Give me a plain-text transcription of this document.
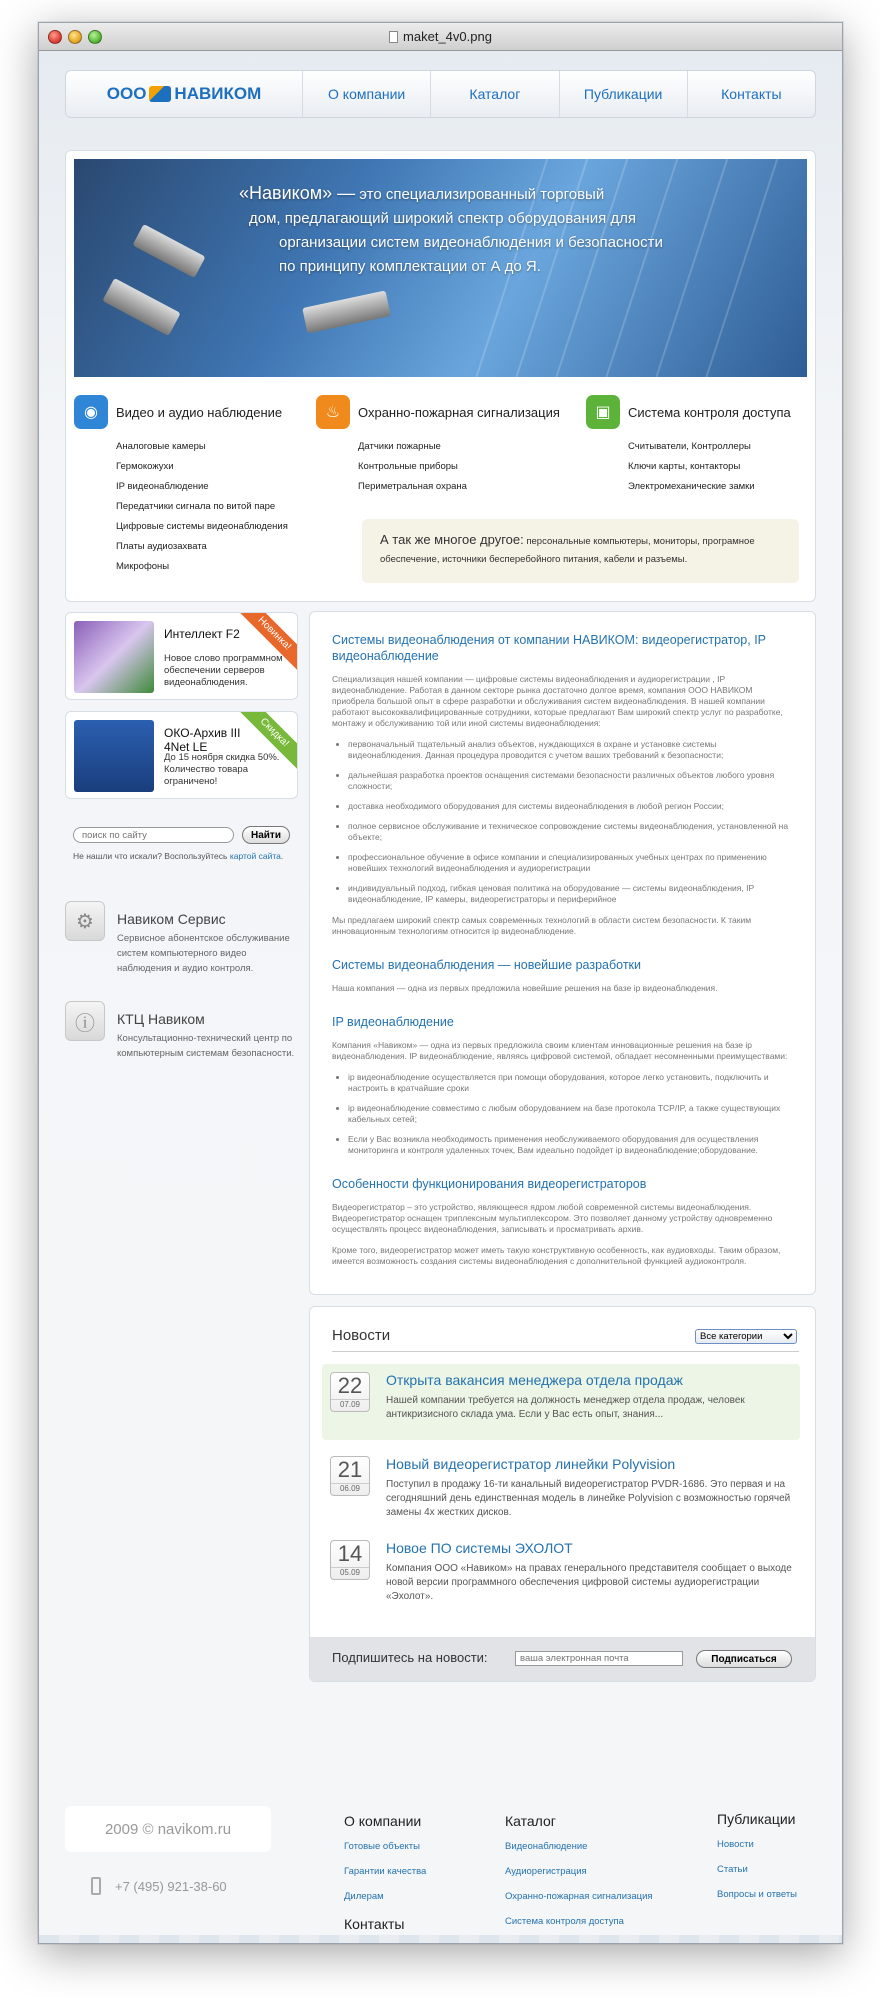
maket_4v0.png
ООО НАВИКОМ	О компании	Каталог	Публикации	Контакты
«Навиком» — это специализированный торговый
дом, предлагающий широкий спектр оборудования для
организации систем видеонаблюдения и безопасности
по принципу комплектации от А до Я.
◉	Видео и аудио наблюдение
Аналоговые камеры
Гермокожухи
IP видеонаблюдение
Передатчики сигнала по витой паре
Цифровые системы видеонаблюдения
Платы аудиозахвата
Микрофоны
♨	Охранно-пожарная сигнализация
Датчики пожарные
Контрольные приборы
Периметральная охрана
▣	Система контроля доступа
Считыватели, Контроллеры
Ключи карты, контакторы
Электромеханические замки
А так же многое другое: персональные компьютеры, мониторы, програмное обеспечение, источники бесперебойного питания, кабели и разъемы.
Интеллект F2
Новое слово программном обеспечении серверов видеонаблюдения.
Новинка!
ОКО-Архив III 4Net LE
До 15 ноября скидка 50%. Количество товара ограничено!
Скидка!
поиск по сайту
Найти
Не нашли что искали? Воспользуйтесь картой сайта.
⚙	Навиком Сервис
Сервисное абонентское обслуживание систем компьютерного видео наблюдения и аудио контроля.
ⓘ	КТЦ Навиком
Консультационно-технический центр по компьютерным системам безопасности.
Системы видеонаблюдения от компании НАВИКОМ: видеорегистратор, IP видеонаблюдение

Специализация нашей компании — цифровые системы видеонаблюдения и аудиорегистрации , IP видеонаблюдение. Работая в данном секторе рынка достаточно долгое время, компания ООО НАВИКОМ приобрела большой опыт в сфере разработки и обслуживания систем видеонаблюдения. В нашей компании работают высококвалифицированные сотрудники, которые предлагают Вам широкий спектр услуг по разработке, монтажу и обслуживанию той или иной системы видеонаблюдения:

• первоначальный тщательный анализ объектов, нуждающихся в охране и установке системы видеонаблюдения. Данная процедура проводится с учетом ваших требований к безопасности;
• дальнейшая разработка проектов оснащения системами безопасности различных объектов любого уровня сложности;
• доставка необходимого оборудования для системы видеонаблюдения в любой регион России;
• полное сервисное обслуживание и техническое сопровождение системы видеонаблюдения, установленной на объекте;
• профессиональное обучение в офисе компании и специализированных учебных центрах по применению новейших технологий видеонаблюдения и аудиорегистрации
• индивидуальный подход, гибкая ценовая политика на оборудование — системы видеонаблюдения, IP видеонаблюдение, IP камеры, видеорегистраторы и периферийное

Мы предлагаем широкий спектр самых современных технологий в области систем безопасности. К таким инновационным технологиям относится ip видеонаблюдение.

Системы видеонаблюдения — новейшие разработки

Наша компания — одна из первых предложила новейшие решения на базе ip видеонаблюдения.

IP видеонаблюдение

Компания «Навиком» — одна из первых предложила своим клиентам инновационные решения на базе ip видеонаблюдения. IP видеонаблюдение, являясь цифровой системой, обладает несомненными преимуществами:

• ip видеонаблюдение осуществляется при помощи оборудования, которое легко установить, подключить и настроить в кратчайшие сроки
• ip видеонаблюдение совместимо с любым оборудованием на базе протокола TCP/IP, а также существующих кабельных сетей;
• Если у Вас возникла необходимость применения необслуживаемого оборудования для осуществления мониторинга и контроля удаленных точек, Вам идеально подойдет ip видеонаблюдение;оборудование.
Особенности функционирования видеорегистраторов

Видеорегистратор – это устройство, являющееся ядром любой современной системы видеонаблюдения. Видеорегистратор оснащен триплексным мультиплексором. Это позволяет данному устройству одновременно осуществлять процесс видеонаблюдения, записывать и просматривать архив.

Кроме того, видеорегистратор может иметь такую конструктивную особенность, как аудиовходы. Таким образом, имеется возможность создания системы видеонаблюдения с дополнительной функцией аудиоконтроля.

Новости
Все категории
22
07.09
Открыта вакансия менеджера отдела продаж
Нашей компании требуется на должность менеджер отдела продаж, человек антикризисного склада ума. Если у Вас есть опыт, знания...
21
06.09
Новый видеорегистратор линейки Polyvision
Поступил в продажу 16-ти канальный видеорегистратор PVDR-1686. Это первая и на сегодняшний день единственная модель в линейке Polyvision с возможностью горячей замены 4х жестких дисков.
14
05.09
Новое ПО системы ЭХОЛОТ
Компания ООО «Навиком» на правах генерального представителя сообщает о выходе новой версии программного обеспечения цифровой системы аудиорегистрации «Эхолот».
Подпишитесь на новости:
ваша электронная почта	Подписаться
2009 © navikom.ru
+7 (495) 921-38-60
О компании
Готовые объекты
Гарантии качества
Дилерам
Контакты
Каталог
Видеонаблюдение
Аудиорегистрация
Охранно-пожарная сигнализация
Система контроля доступа
Публикации
Новости
Статьи
Вопросы и ответы
